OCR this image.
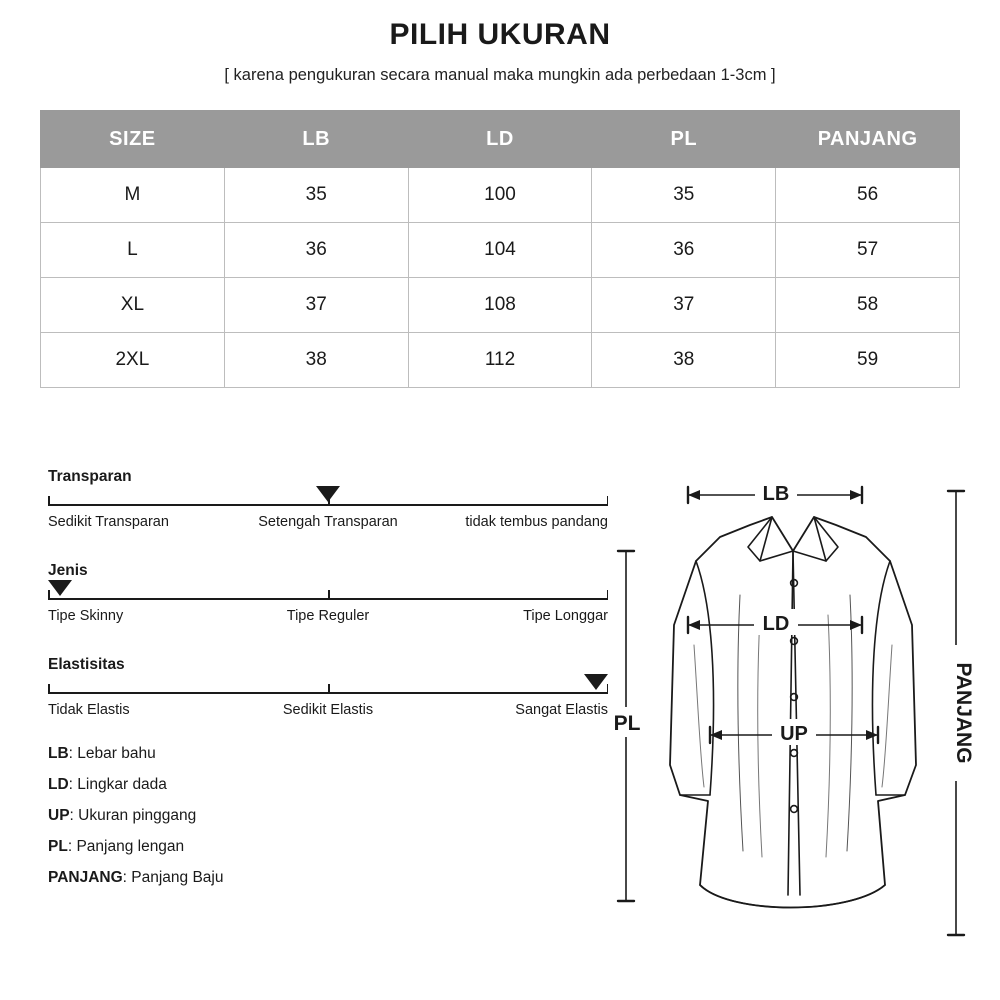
PILIH UKURAN
[ karena pengukuran secara manual maka mungkin ada perbedaan 1-3cm ]
SIZE	LB	LD	PL	PANJANG
M	35	100	35	56
L	36	104	36	57
XL	37	108	37	58
2XL	38	112	38	59
Transparan
Sedikit Transparan	Setengah Transparan	tidak tembus pandang
Jenis
Tipe Skinny	Tipe Reguler	Tipe Longgar
Elastisitas
Tidak Elastis	Sedikit Elastis	Sangat Elastis
LB: Lebar bahu
LD: Lingkar dada
UP: Ukuran pinggang
PL: Panjang lengan
PANJANG: Panjang Baju
LB
LD
UP
PL	PANJANG
